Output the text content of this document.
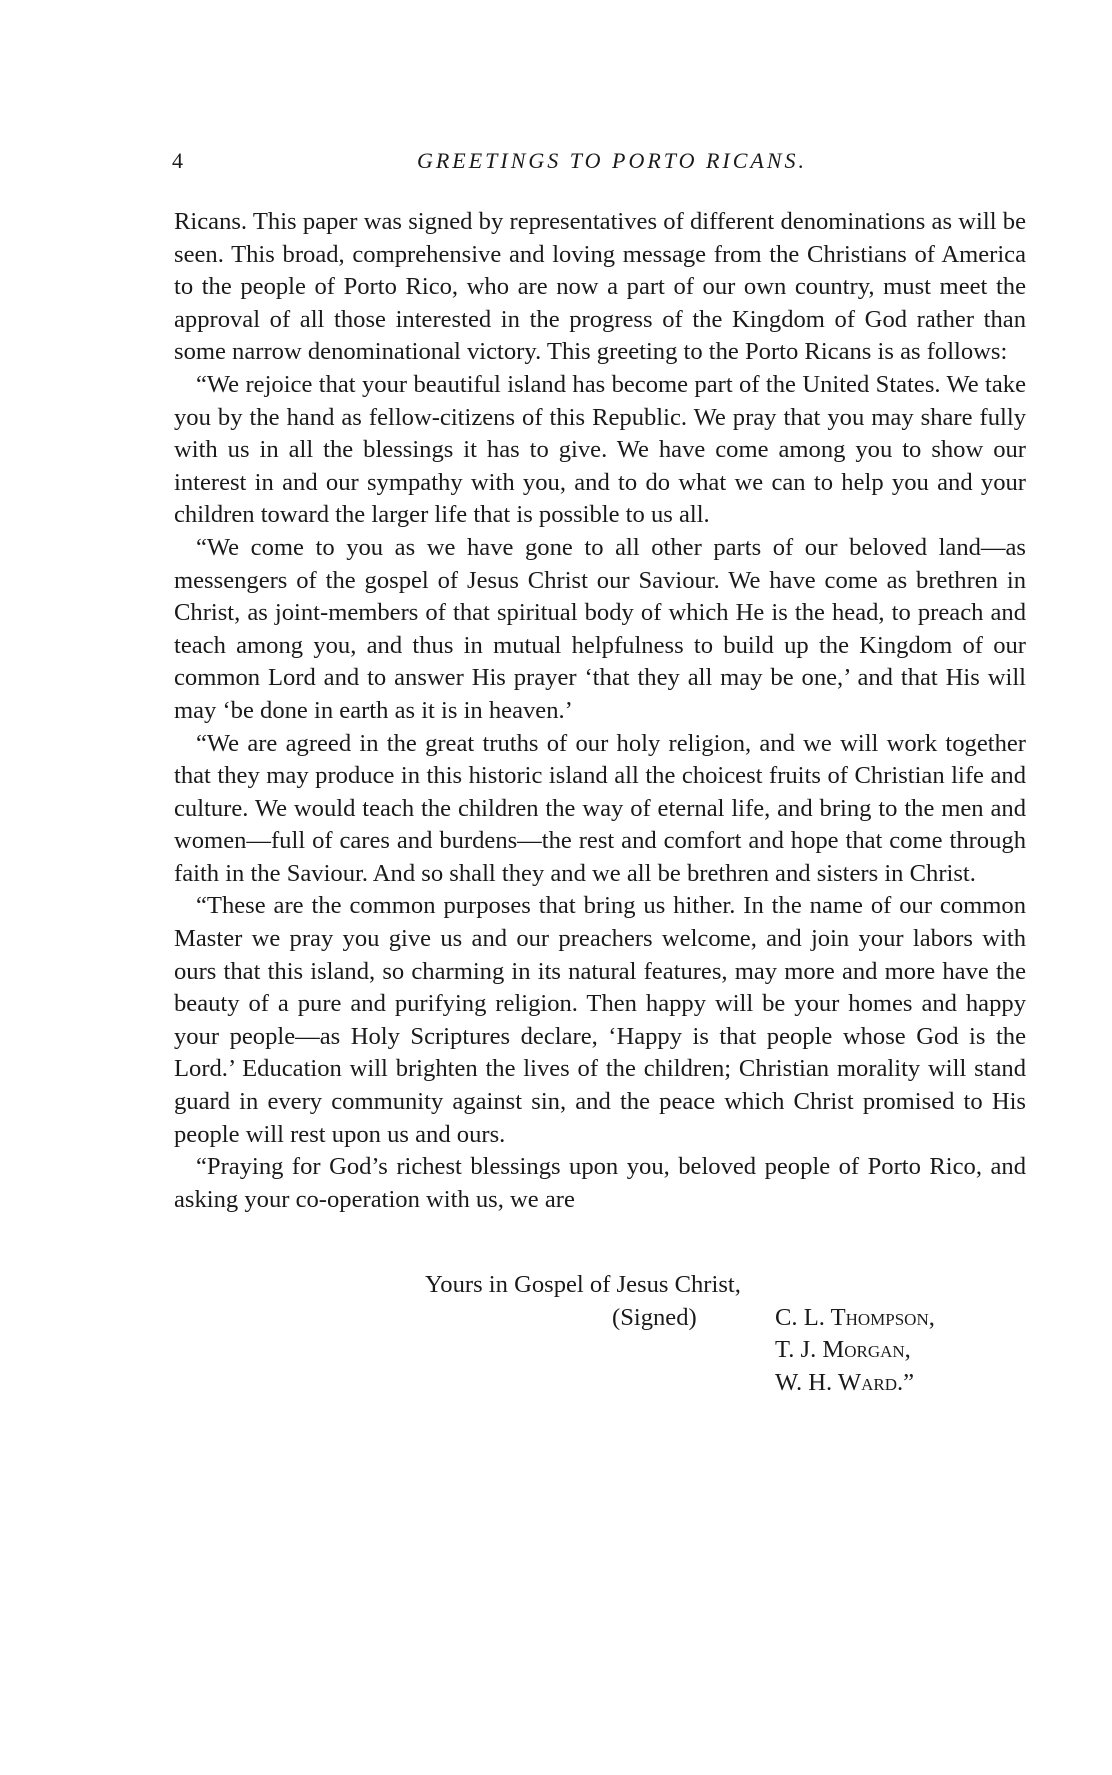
4	GREETINGS TO PORTO RICANS.

Ricans. This paper was signed by representatives of different denominations as will be seen. This broad, comprehensive and loving message from the Christians of America to the people of Porto Rico, who are now a part of our own country, must meet the approval of all those interested in the progress of the Kingdom of God rather than some narrow denominational victory. This greeting to the Porto Ricans is as follows:

“We rejoice that your beautiful island has become part of the United States. We take you by the hand as fellow-citizens of this Republic. We pray that you may share fully with us in all the blessings it has to give. We have come among you to show our interest in and our sympathy with you, and to do what we can to help you and your children toward the larger life that is possible to us all.

“We come to you as we have gone to all other parts of our beloved land—as messengers of the gospel of Jesus Christ our Saviour. We have come as brethren in Christ, as joint-members of that spiritual body of which He is the head, to preach and teach among you, and thus in mutual helpfulness to build up the Kingdom of our common Lord and to answer His prayer ‘that they all may be one,’ and that His will may ‘be done in earth as it is in heaven.’

“We are agreed in the great truths of our holy religion, and we will work together that they may produce in this historic island all the choicest fruits of Christian life and culture. We would teach the children the way of eternal life, and bring to the men and women—full of cares and burdens—the rest and comfort and hope that come through faith in the Saviour. And so shall they and we all be brethren and sisters in Christ.

“These are the common purposes that bring us hither. In the name of our common Master we pray you give us and our preachers welcome, and join your labors with ours that this island, so charming in its natural features, may more and more have the beauty of a pure and purifying religion. Then happy will be your homes and happy your people—as Holy Scriptures declare, ‘Happy is that people whose God is the Lord.’ Education will brighten the lives of the children; Christian morality will stand guard in every community against sin, and the peace which Christ promised to His people will rest upon us and ours.

“Praying for God’s richest blessings upon you, beloved people of Porto Rico, and asking your co-operation with us, we are

Yours in Gospel of Jesus Christ,
(Signed)	C. L. Thompson,
T. J. Morgan,
W. H. Ward.”
